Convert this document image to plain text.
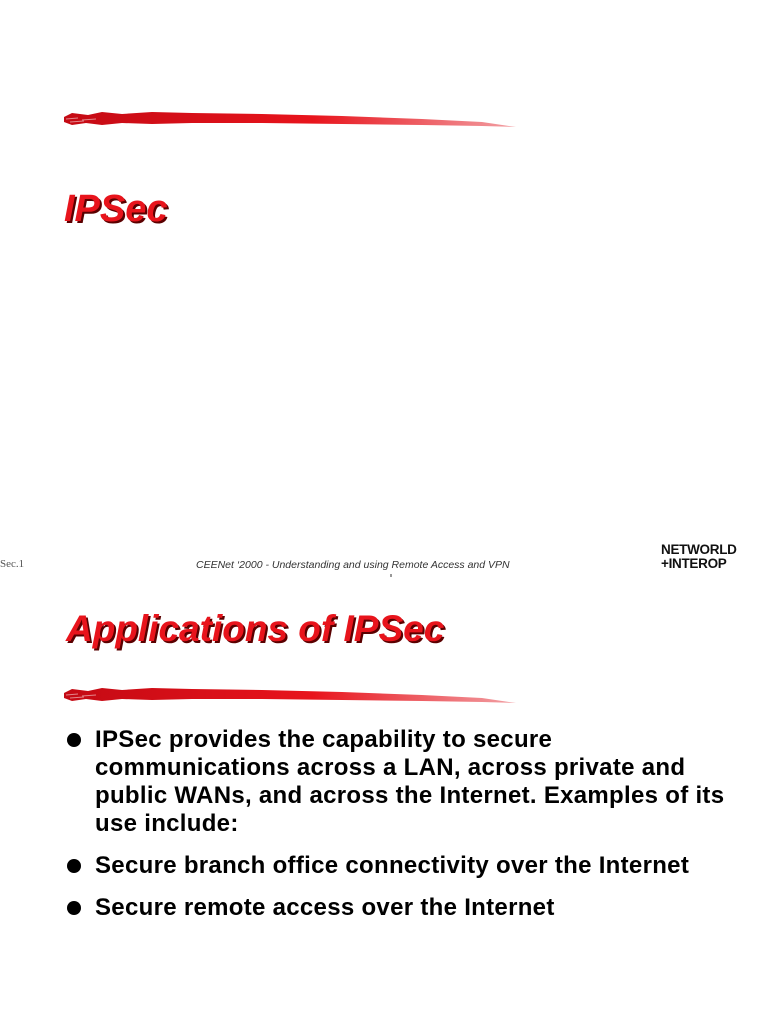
IPSec
Sec.1	CEENet ‘2000 - Understanding and using Remote Access and VPN
NETWORLD
+INTEROP
Applications of IPSec
IPSec provides the capability to secure communications across a LAN, across private and public WANs, and across the Internet. Examples of its use include:
Secure branch office connectivity over the Internet
Secure remote access over the Internet
